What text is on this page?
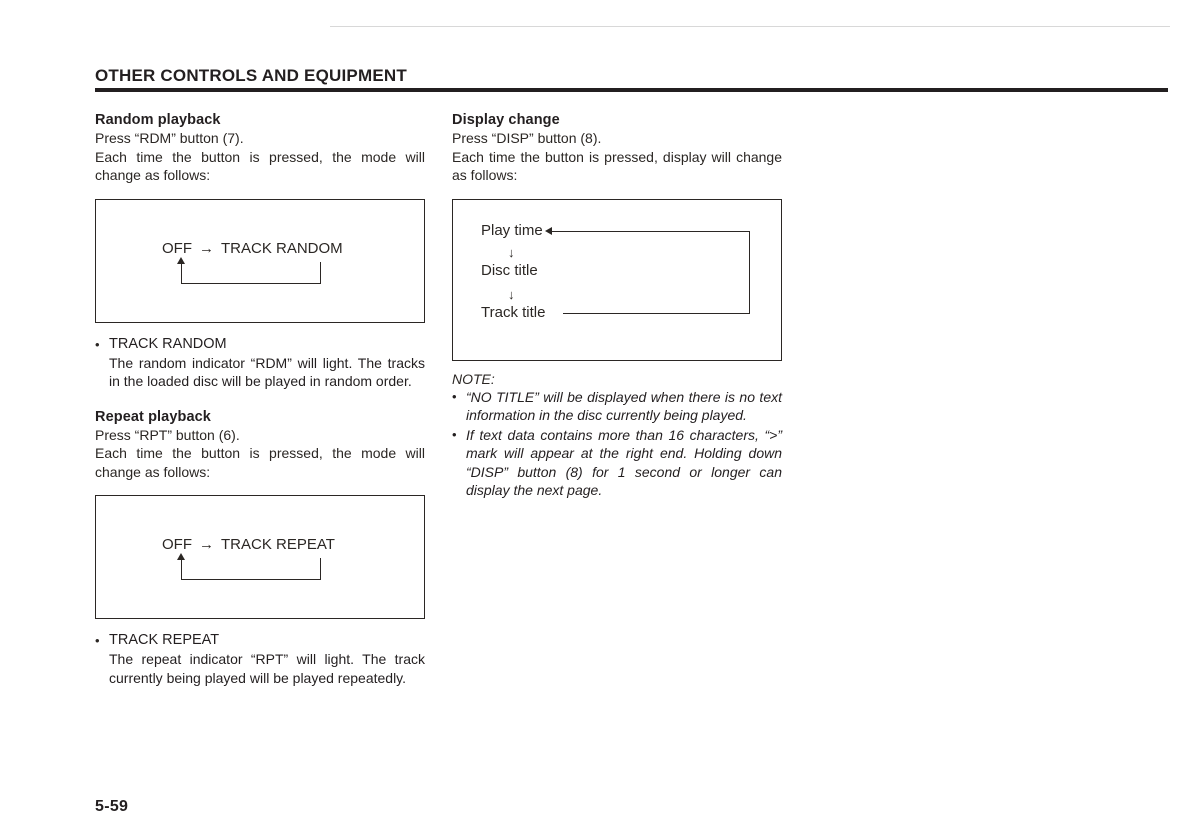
OTHER CONTROLS AND EQUIPMENT
Random playback

Press “RDM” button (7).

Each time the button is pressed, the mode will change as follows:

OFF → TRACK RANDOM
• TRACK RANDOM
The random indicator “RDM” will light. The tracks in the loaded disc will be played in random order.
Repeat playback

Press “RPT” button (6).

Each time the button is pressed, the mode will change as follows:

OFF → TRACK REPEAT
• TRACK REPEAT
The repeat indicator “RPT” will light. The track currently being played will be played repeatedly.
Display change

Press “DISP” button (8).

Each time the button is pressed, display will change as follows:

Play time
↓
Disc title
↓
Track title
NOTE:
• “NO TITLE” will be displayed when there is no text information in the disc currently being played.
• If text data contains more than 16 characters, “>” mark will appear at the right end. Holding down “DISP” button (8) for 1 second or longer can display the next page.
5-59
